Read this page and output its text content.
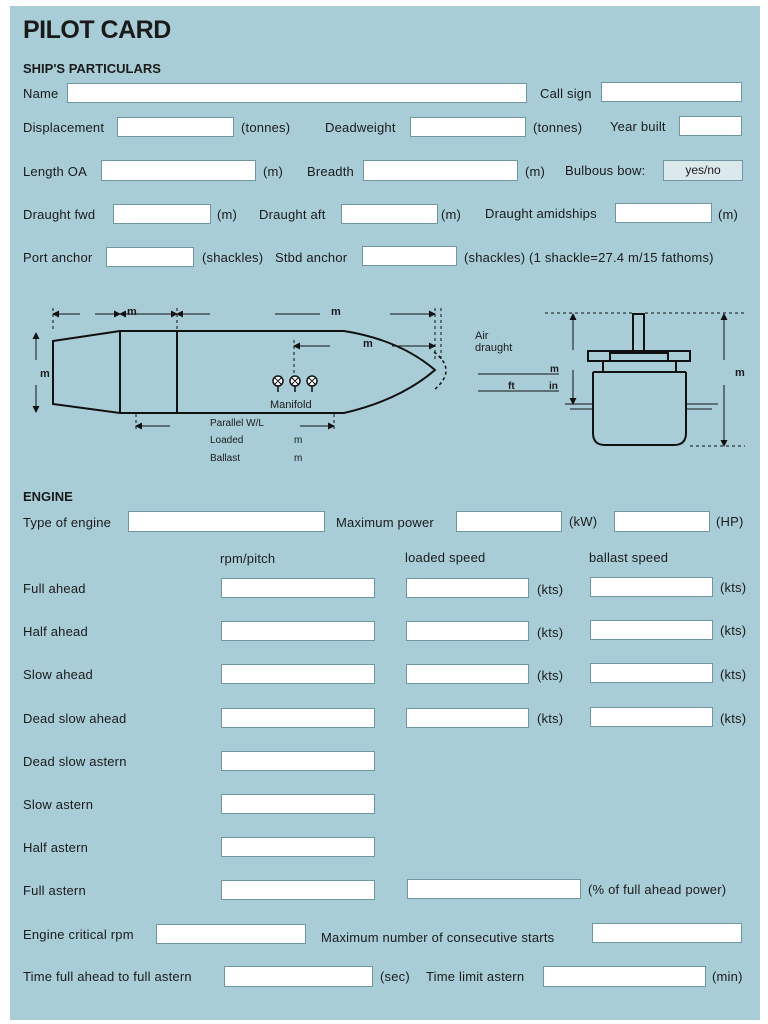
PILOT CARD
SHIP'S PARTICULARS
Name	Call sign
Displacement	(tonnes)	Deadweight	(tonnes) Year built
Length OA	(m) Breadth	(m) Bulbous bow:	yes/no
Draught fwd	(m) Draught aft	(m) Draught amidships	(m)
Port anchor	(shackles) Stbd anchor	(shackles) (1 shackle=27.4 m/15 fathoms)
m	m
m
m
Manifold
Parallel W/L
Loaded	m
Ballast	m
Air draught
m
ft	in
m
ENGINE
Type of engine	Maximum power	(kW)	(HP)
rpm/pitch	loaded speed	ballast speed
Full ahead	(kts)	(kts)
Half ahead	(kts)	(kts)
Slow ahead	(kts)	(kts)
Dead slow ahead	(kts)	(kts)
Dead slow astern
Slow astern
Half astern
Full astern	(% of full ahead power)
Engine critical rpm	Maximum number of consecutive starts
Time full ahead to full astern	(sec) Time limit astern	(min)
